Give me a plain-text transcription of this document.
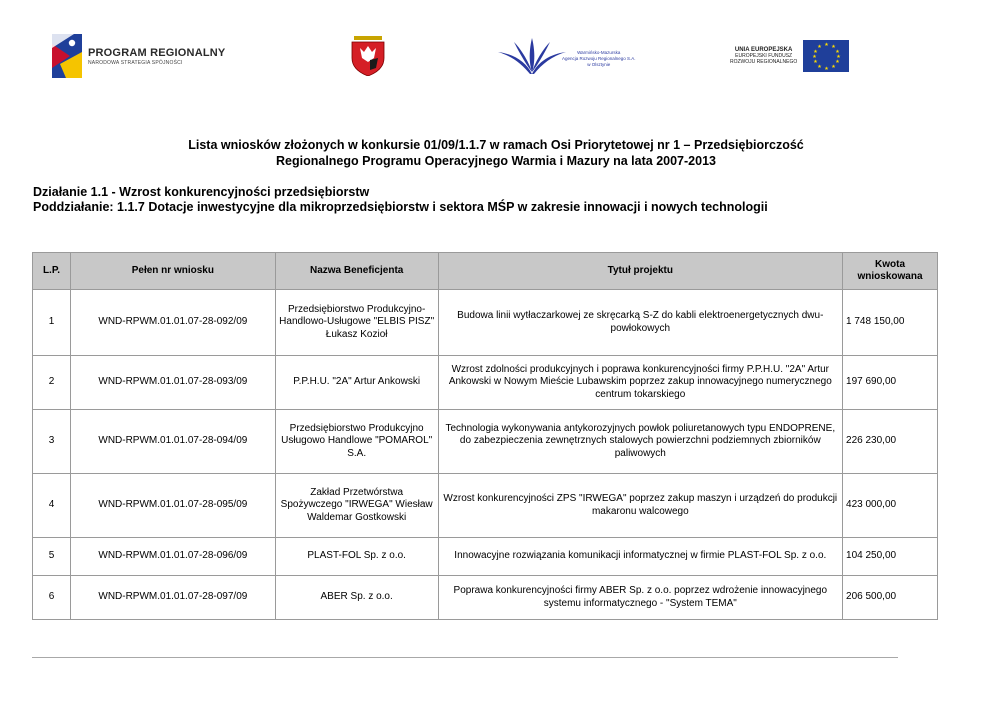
PROGRAM REGIONALNY
NARODOWA STRATEGIA SPÓJNOŚCI
Warmińsko-Mazurska
Agencja Rozwoju Regionalnego S.A.
w Olsztynie
UNIA EUROPEJSKA
EUROPEJSKI FUNDUSZ
ROZWOJU REGIONALNEGO
★ ★
★
★
★
★
★
★
★
★
★
★
Lista wniosków złożonych w konkursie 01/09/1.1.7 w ramach Osi Priorytetowej nr 1 – Przedsiębiorczość
Regionalnego Programu Operacyjnego Warmia i Mazury na lata 2007-2013
Działanie 1.1 - Wzrost konkurencyjności przedsiębiorstw
Poddziałanie: 1.1.7 Dotacje inwestycyjne dla mikroprzedsiębiorstw i sektora MŚP w zakresie innowacji i nowych technologii
L.P.	Pełen nr wniosku	Nazwa Beneficjenta	Tytuł projektu	Kwota wnioskowana
1	WND-RPWM.01.01.07-28-092/09	Przedsiębiorstwo Produkcyjno-Handlowo-Usługowe "ELBIS PISZ" Łukasz Kozioł	Budowa linii wytłaczarkowej ze skręcarką S-Z do kabli elektroenergetycznych dwu-powłokowych	1 748 150,00
2	WND-RPWM.01.01.07-28-093/09	P.P.H.U. "2A" Artur Ankowski	Wzrost zdolności produkcyjnych i poprawa konkurencyjności firmy P.P.H.U. "2A" Artur Ankowski w Nowym Mieście Lubawskim poprzez zakup innowacyjnego numerycznego centrum tokarskiego	197 690,00
3	WND-RPWM.01.01.07-28-094/09	Przedsiębiorstwo Produkcyjno Usługowo Handlowe "POMAROL" S.A.	Technologia wykonywania antykorozyjnych powłok poliuretanowych typu ENDOPRENE, do zabezpieczenia zewnętrznych stalowych powierzchni podziemnych zbiorników paliwowych	226 230,00
4	WND-RPWM.01.01.07-28-095/09	Zakład Przetwórstwa Spożywczego "IRWEGA" Wiesław Waldemar Gostkowski	Wzrost konkurencyjności ZPS "IRWEGA" poprzez zakup maszyn i urządzeń do produkcji makaronu walcowego	423 000,00
5	WND-RPWM.01.01.07-28-096/09	PLAST-FOL Sp. z o.o.	Innowacyjne rozwiązania komunikacji informatycznej w firmie PLAST-FOL Sp. z o.o.	104 250,00
6	WND-RPWM.01.01.07-28-097/09	ABER Sp. z o.o.	Poprawa konkurencyjności firmy ABER Sp. z o.o. poprzez wdrożenie innowacyjnego systemu informatycznego - "System TEMA"	206 500,00
